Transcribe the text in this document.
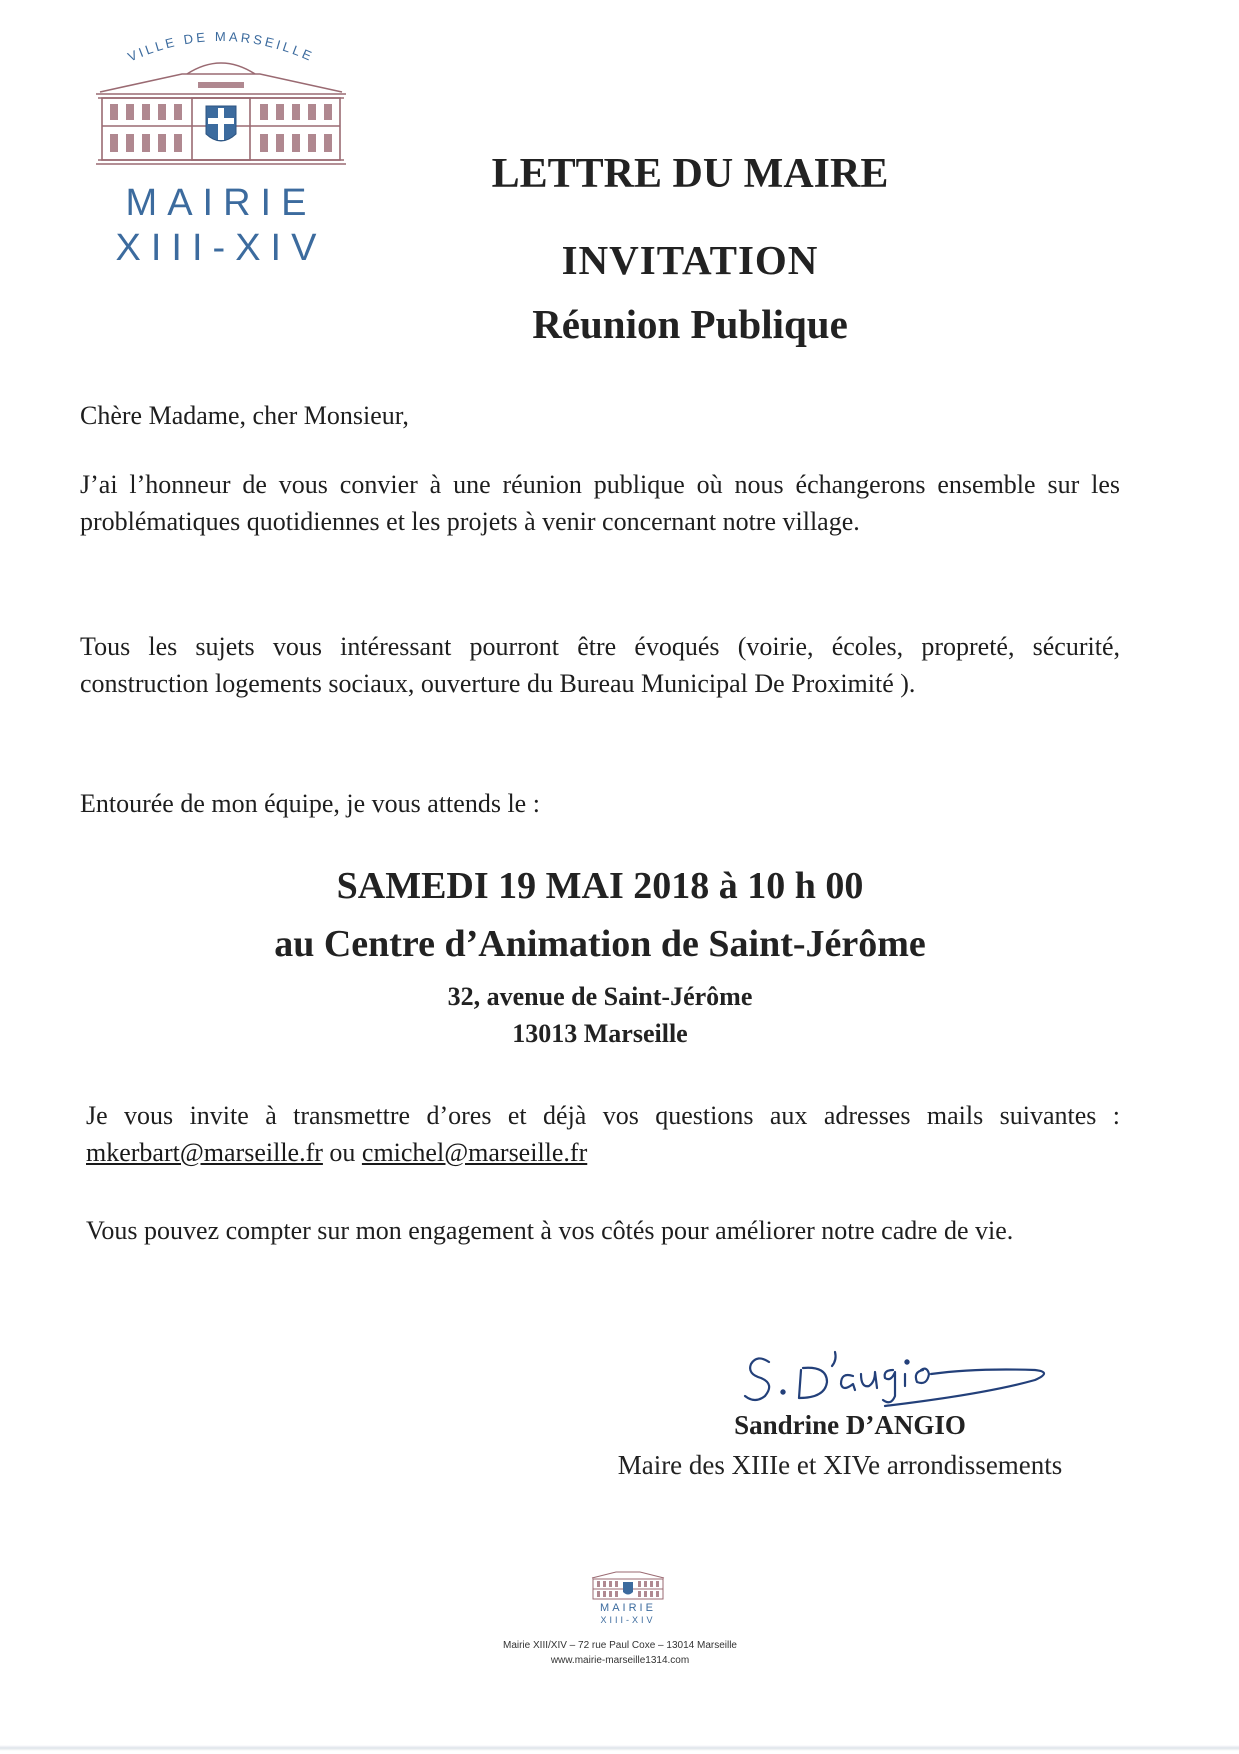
VILLE DE MARSEILLE
MAIRIE
XIII-XIV
LETTRE DU MAIRE
INVITATION
Réunion Publique
Chère Madame, cher Monsieur,
J’ai l’honneur de vous convier à une réunion publique où nous échangerons ensemble sur les problématiques quotidiennes et les projets à venir concernant notre village.
Tous les sujets vous intéressant pourront être évoqués (voirie, écoles, propreté, sécurité, construction logements sociaux, ouverture du Bureau Municipal De Proximité ).
Entourée de mon équipe, je vous attends le :
SAMEDI 19 MAI 2018 à 10 h 00
au Centre d’Animation de Saint-Jérôme
32, avenue de Saint-Jérôme
13013 Marseille
Je vous invite à transmettre d’ores et déjà vos questions aux adresses mails suivantes : mkerbart@marseille.fr ou cmichel@marseille.fr
Vous pouvez compter sur mon engagement à vos côtés pour améliorer notre cadre de vie.
Sandrine D’ANGIO
Maire des XIIIe et XIVe arrondissements
MAIRIE
XIII-XIV
Mairie XIII/XIV – 72 rue Paul Coxe – 13014 Marseille
www.mairie-marseille1314.com
